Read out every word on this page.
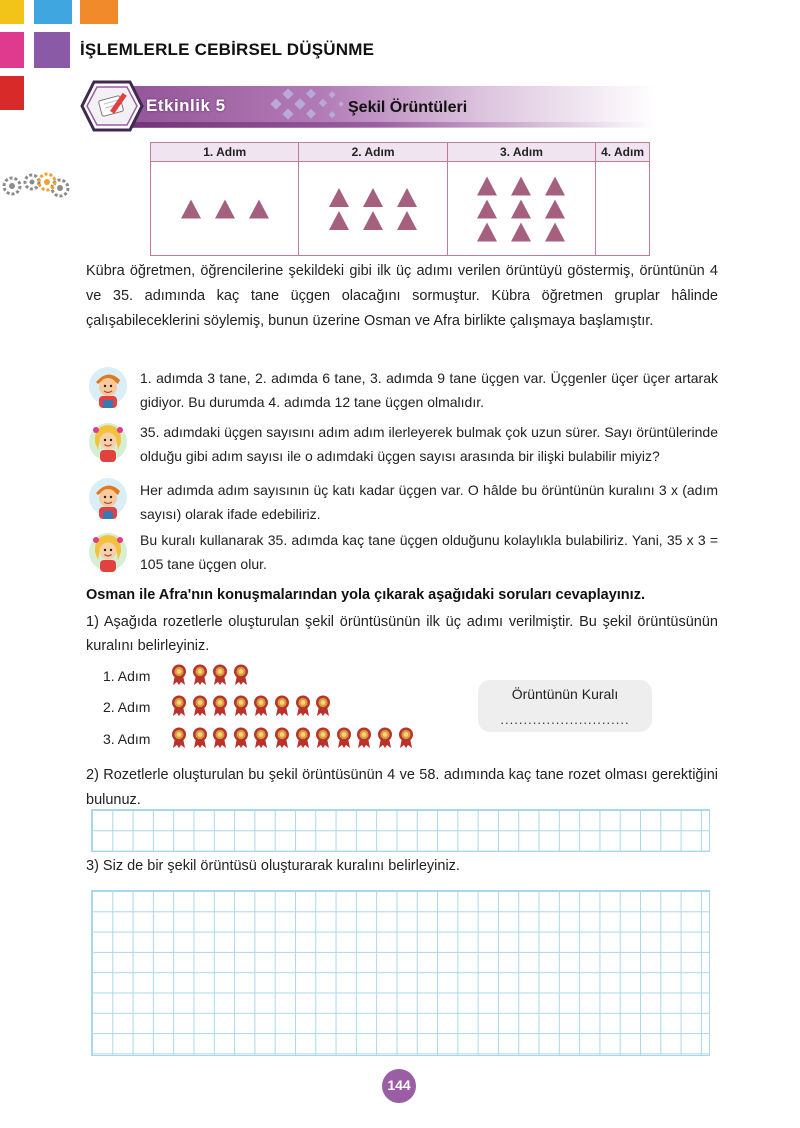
İŞLEMLERLE CEBİRSEL DÜŞÜNME
Etkinlik 5	Şekil Örüntüleri
1. Adım	2. Adım	3. Adım	4. Adım

Kübra öğretmen, öğrencilerine şekildeki gibi ilk üç adımı verilen örüntüyü göstermiş, örüntünün 4 ve 35. adımında kaç tane üçgen olacağını sormuştur. Kübra öğretmen gruplar hâlinde çalışabileceklerini söylemiş, bunun üzerine Osman ve Afra birlikte çalışmaya başlamıştır.
1. adımda 3 tane, 2. adımda 6 tane, 3. adımda 9 tane üçgen var. Üçgenler üçer üçer artarak gidiyor. Bu durumda 4. adımda 12 tane üçgen olmalıdır.
35. adımdaki üçgen sayısını adım adım ilerleyerek bulmak çok uzun sürer. Sayı örüntülerinde olduğu gibi adım sayısı ile o adımdaki üçgen sayısı arasında bir ilişki bulabilir miyiz?
Her adımda adım sayısının üç katı kadar üçgen var. O hâlde bu örüntünün kuralını 3 x (adım sayısı) olarak ifade edebiliriz.
Bu kuralı kullanarak 35. adımda kaç tane üçgen olduğunu kolaylıkla bulabiliriz. Yani, 35 x 3 = 105 tane üçgen olur.
Osman ile Afra'nın konuşmalarından yola çıkarak aşağıdaki soruları cevaplayınız.
1) Aşağıda rozetlerle oluşturulan şekil örüntüsünün ilk üç adımı verilmiştir. Bu şekil örüntüsünün kuralını belirleyiniz.
1. Adım
2. Adım
3. Adım
Örüntünün Kuralı
............................
2) Rozetlerle oluşturulan bu şekil örüntüsünün 4 ve 58. adımında kaç tane rozet olması gerektiğini bulunuz.
3) Siz de bir şekil örüntüsü oluşturarak kuralını belirleyiniz.
144
